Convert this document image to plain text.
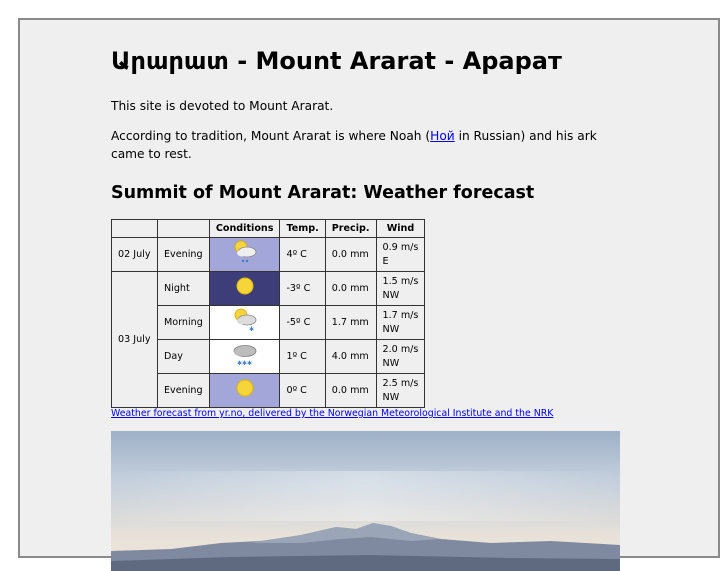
Արարատ - Mount Ararat - Арарат

This site is devoted to Mount Ararat.

According to tradition, Mount Ararat is where Noah (Ной in Russian) and his ark came to rest.

Summit of Mount Ararat: Weather forecast
		Conditions	Temp.	Precip.	Wind
02 July	Evening		4º C	0.0 mm	0.9 m/s
E
03 July	Night		-3º C	0.0 mm	1.5 m/s
NW
	Morning	✱	-5º C	1.7 mm	1.7 m/s
NW
	Day	✱✱✱	1º C	4.0 mm	2.0 m/s
NW
	Evening		0º C	0.0 mm	2.5 m/s
NW
Weather forecast from yr.no, delivered by the Norwegian Meteorological Institute and the NRK
